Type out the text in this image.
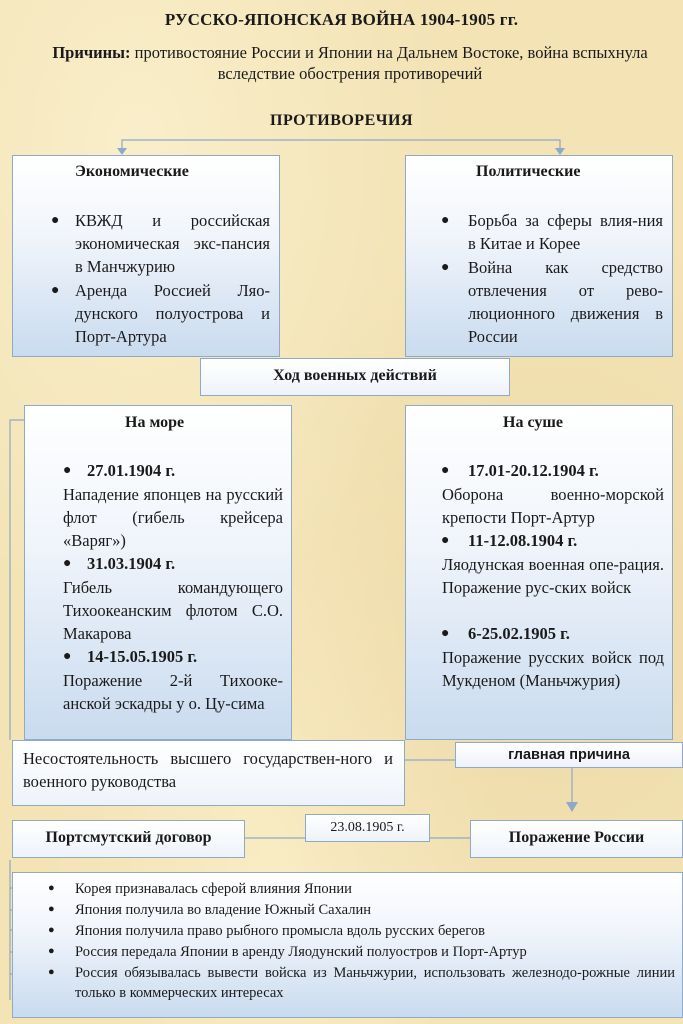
РУССКО-ЯПОНСКАЯ ВОЙНА 1904-1905 гг.
Причины: противостояние России и Японии на Дальнем Востоке, война вспыхнула вследствие обострения противоречий
ПРОТИВОРЕЧИЯ
Экономические
● КВЖД и российская экономическая экс-пансия в Манчжурию
● Аренда Россией Ляо-дунского полуострова и Порт-Артура
Политические
● Борьба за сферы влия-ния в Китае и Корее
● Война как средство отвлечения от рево-люционного движения в России
Ход военных действий
На море
● 27.01.1904 г.
Нападение японцев на русский флот (гибель крейсера «Варяг»)
● 31.03.1904 г.
Гибель командующего Тихоокеанским флотом С.О. Макарова
● 14-15.05.1905 г.
Поражение 2-й Тихооке-анской эскадры у о. Цу-сима
На суше
● 17.01-20.12.1904 г.
Оборона военно-морской крепости Порт-Артур
● 11-12.08.1904 г.
Ляодунская военная опе-рация. Поражение рус-ских войск
● 6-25.02.1905 г.
Поражение русских войск под Мукденом (Маньчжурия)
Несостоятельность высшего государствен-ного и военного руководства
главная причина
Портсмутский договор
23.08.1905 г.
Поражение России
● Корея признавалась сферой влияния Японии
● Япония получила во владение Южный Сахалин
● Япония получила право рыбного промысла вдоль русских берегов
● Россия передала Японии в аренду Ляодунский полуостров и Порт-Артур
● Россия обязывалась вывести войска из Маньчжурии, использовать железнодо-рожные линии только в коммерческих интересах
